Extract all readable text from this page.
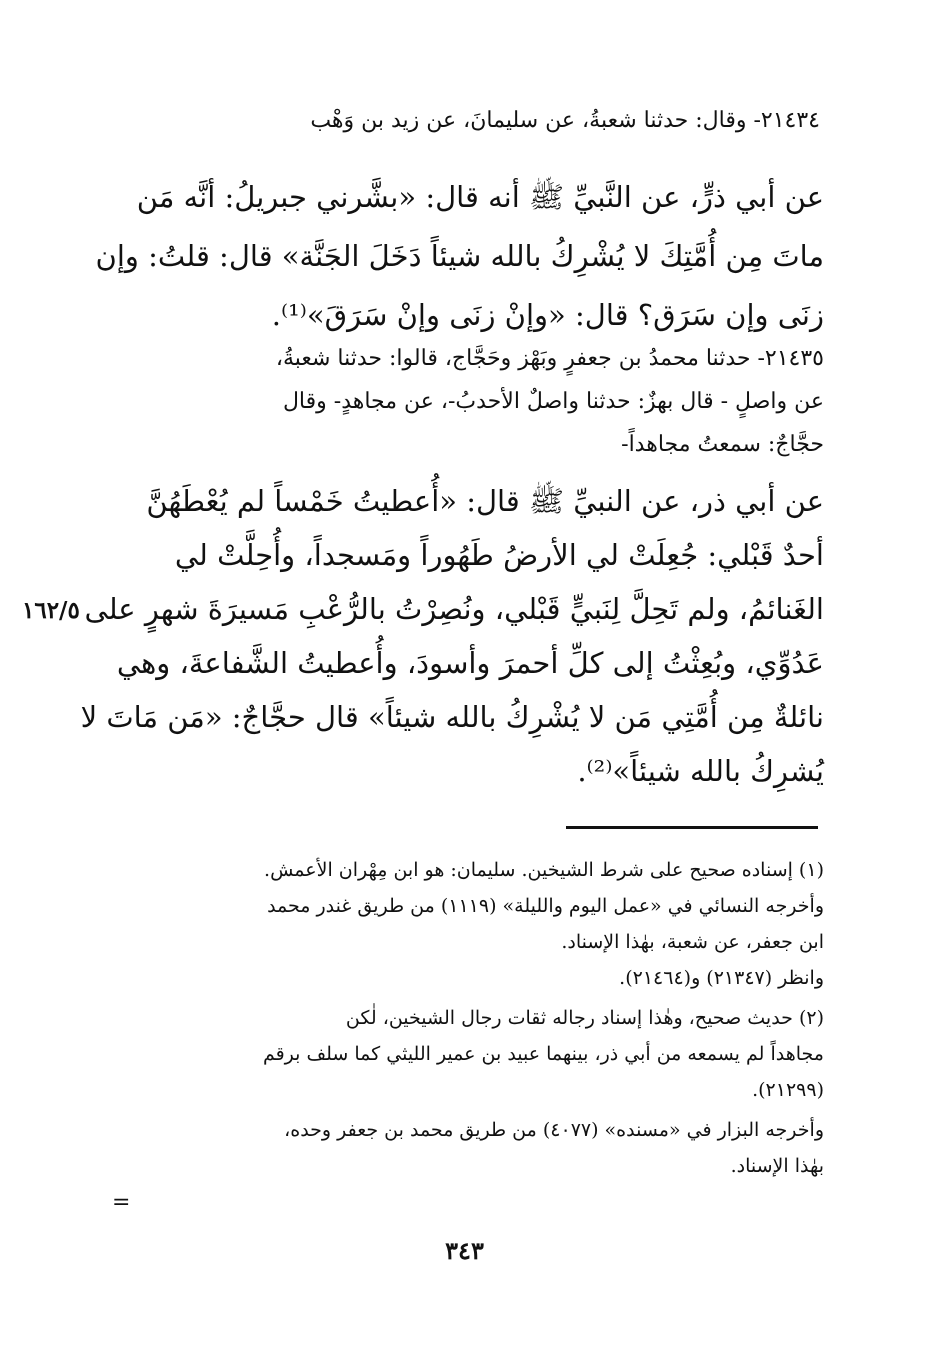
٢١٤٣٤- وقال: حدثنا شعبةُ، عن سليمانَ، عن زيد بن وَهْب
عن أبي ذرٍّ، عن النَّبيِّ ﷺ أنه قال: «بشَّرني جبريلُ: أنَّه مَن
ماتَ مِن أُمَّتِكَ لا يُشْرِكُ بالله شيئاً دَخَلَ الجَنَّة» قال: قلتُ: وإن
زنَى وإن سَرَق؟ قال: «وإنْ زنَى وإنْ سَرَقَ»⁽¹⁾.
٢١٤٣٥- حدثنا محمدُ بن جعفرٍ وبَهْز وحَجَّاج، قالوا: حدثنا شعبةُ،
عن واصلٍ - قال بهزٌ: حدثنا واصلٌ الأحدبُ-، عن مجاهدٍ- وقال
حجَّاجٌ: سمعتُ مجاهداً-
عن أبي ذر، عن النبيِّ ﷺ قال: «أُعطيتُ خَمْساً لم يُعْطَهُنَّ
أحدٌ قَبْلي: جُعِلَتْ لي الأرضُ طَهُوراً ومَسجداً، وأُحِلَّتْ لي
الغَنائمُ، ولم تَحِلَّ لِنَبيٍّ قَبْلي، ونُصِرْتُ بالرُّعْبِ مَسيرَةَ شهرٍ على
عَدُوِّي، وبُعِثْتُ إلى كلِّ أحمرَ وأسودَ، وأُعطيتُ الشَّفاعةَ، وهي
نائلةٌ مِن أُمَّتِي مَن لا يُشْرِكُ بالله شيئاً» قال حجَّاجٌ: «مَن مَاتَ لا
يُشرِكُ بالله شيئاً»⁽²⁾.
١٦٢/٥
(١) إسناده صحيح على شرط الشيخين. سليمان: هو ابن مِهْران الأعمش.
وأخرجه النسائي في «عمل اليوم والليلة» (١١١٩) من طريق غندر محمد
ابن جعفر، عن شعبة، بهٰذا الإسناد.
وانظر (٢١٣٤٧) و(٢١٤٦٤).
(٢) حديث صحيح، وهٰذا إسناد رجاله ثقات رجال الشيخين، لٰكن
مجاهداً لم يسمعه من أبي ذر، بينهما عبيد بن عمير الليثي كما سلف برقم
(٢١٢٩٩).
وأخرجه البزار في «مسنده» (٤٠٧٧) من طريق محمد بن جعفر وحده،
بهٰذا الإسناد.
=
٣٤٣
